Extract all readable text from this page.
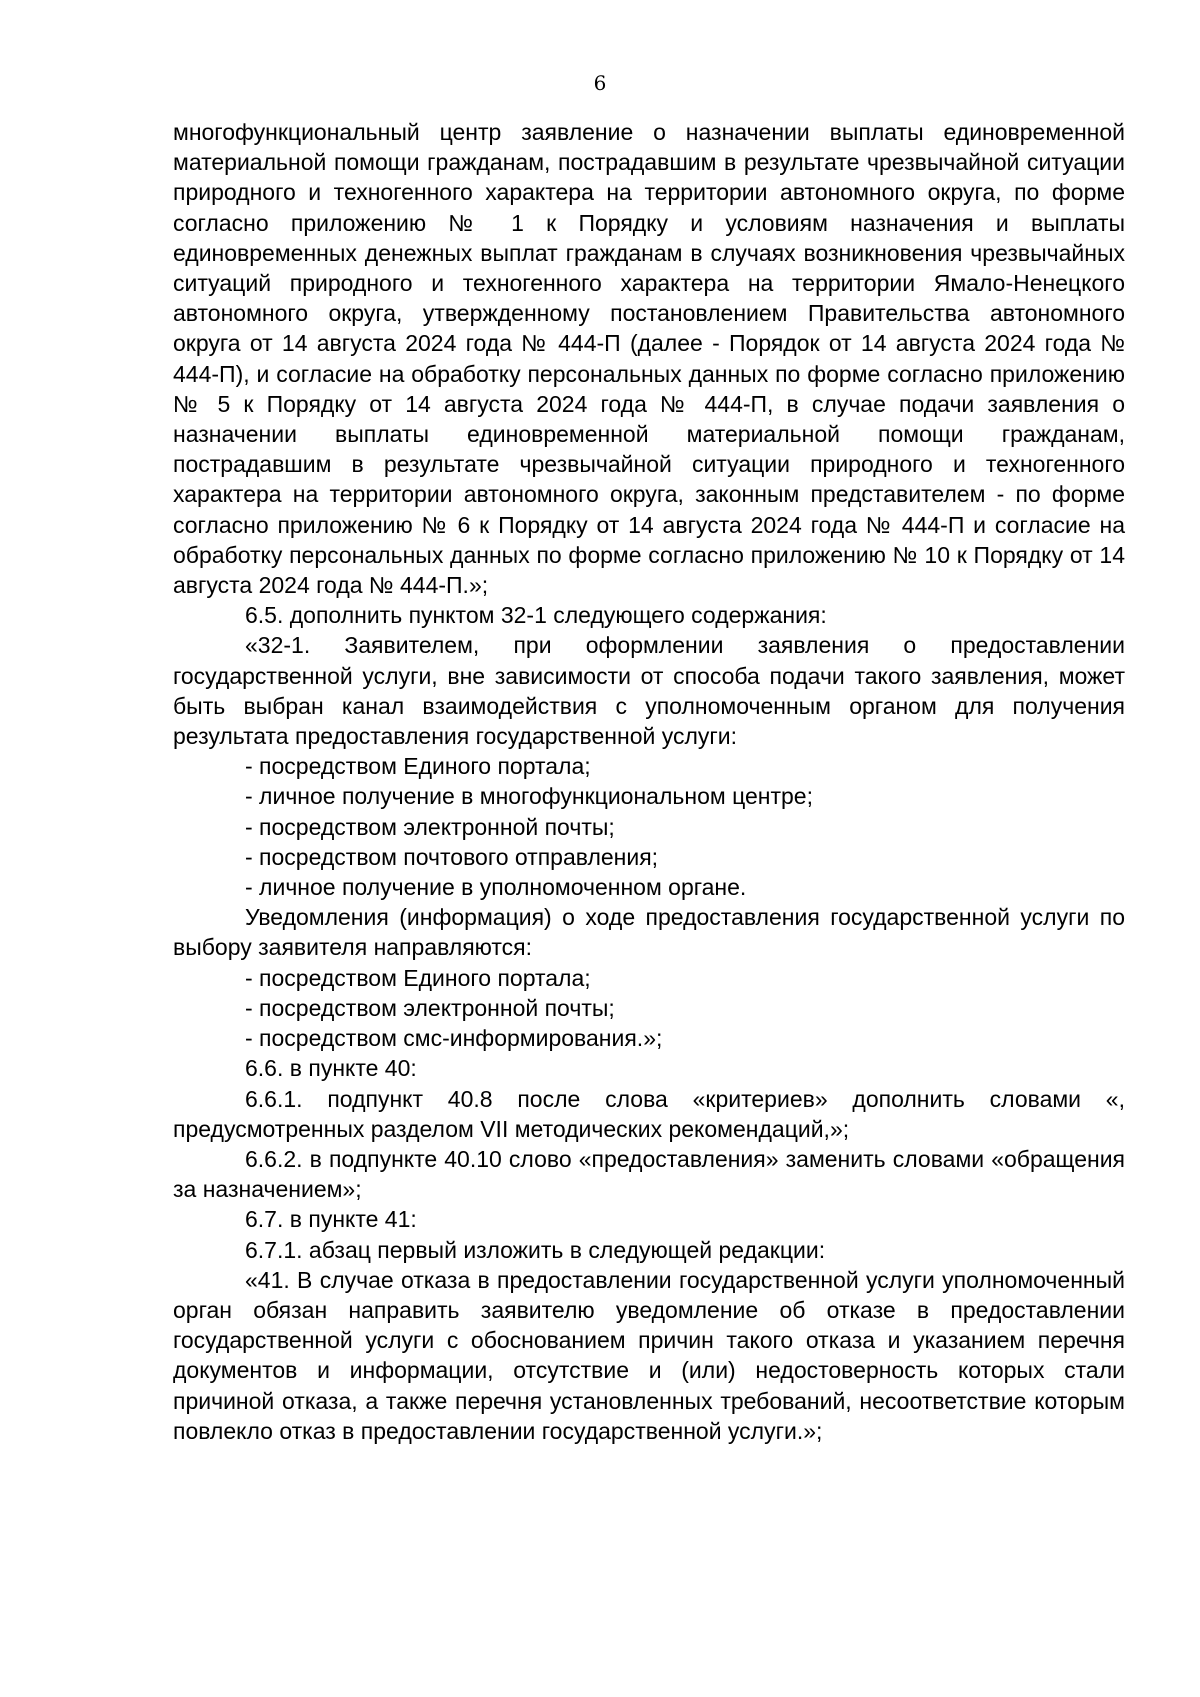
6

многофункциональный центр заявление о назначении выплаты единовременной материальной помощи гражданам, пострадавшим в результате чрезвычайной ситуации природного и техногенного характера на территории автономного округа, по форме согласно приложению № 1 к Порядку и условиям назначения и выплаты единовременных денежных выплат гражданам в случаях возникновения чрезвычайных ситуаций природного и техногенного характера на территории Ямало-Ненецкого автономного округа, утвержденному постановлением Правительства автономного округа от 14 августа 2024 года № 444-П (далее - Порядок от 14 августа 2024 года № 444-П), и согласие на обработку персональных данных по форме согласно приложению № 5 к Порядку от 14 августа 2024 года № 444-П, в случае подачи заявления о назначении выплаты единовременной материальной помощи гражданам, пострадавшим в результате чрезвычайной ситуации природного и техногенного характера на территории автономного округа, законным представителем - по форме согласно приложению № 6 к Порядку от 14 августа 2024 года № 444-П и согласие на обработку персональных данных по форме согласно приложению № 10 к Порядку от 14 августа 2024 года № 444-П.»;

6.5. дополнить пунктом 32-1 следующего содержания:

«32-1. Заявителем, при оформлении заявления о предоставлении государственной услуги, вне зависимости от способа подачи такого заявления, может быть выбран канал взаимодействия с уполномоченным органом для получения результата предоставления государственной услуги:

- посредством Единого портала;

- личное получение в многофункциональном центре;

- посредством электронной почты;

- посредством почтового отправления;

- личное получение в уполномоченном органе.

Уведомления (информация) о ходе предоставления государственной услуги по выбору заявителя направляются:

- посредством Единого портала;

- посредством электронной почты;

- посредством смс-информирования.»;

6.6. в пункте 40:

6.6.1. подпункт 40.8 после слова «критериев» дополнить словами «, предусмотренных разделом VII методических рекомендаций,»;

6.6.2. в подпункте 40.10 слово «предоставления» заменить словами «обращения за назначением»;

6.7. в пункте 41:

6.7.1. абзац первый изложить в следующей редакции:

«41. В случае отказа в предоставлении государственной услуги уполномоченный орган обязан направить заявителю уведомление об отказе в предоставлении государственной услуги с обоснованием причин такого отказа и указанием перечня документов и информации, отсутствие и (или) недостоверность которых стали причиной отказа, а также перечня установленных требований, несоответствие которым повлекло отказ в предоставлении государственной услуги.»;
